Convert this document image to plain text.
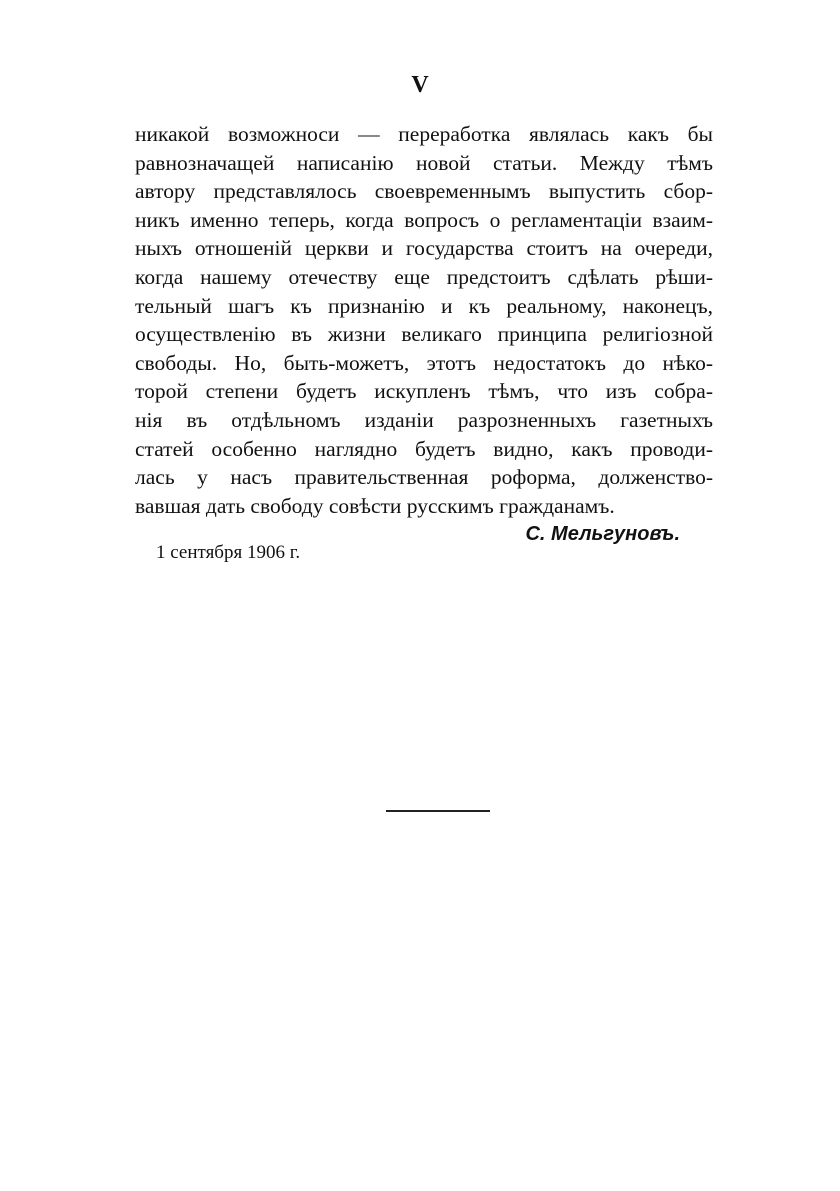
V
никакой возможноси — переработка являлась какъ бы
равнозначащей написанію новой статьи. Между тѣмъ
автору представлялось своевременнымъ выпустить сбор-
никъ именно теперь, когда вопросъ о регламентаціи взаим-
ныхъ отношеній церкви и государства стоитъ на очереди,
когда нашему отечеству еще предстоитъ сдѣлать рѣши-
тельный шагъ къ признанію и къ реальному, наконецъ,
осуществленію въ жизни великаго принципа религіозной
свободы. Но, быть-можетъ, этотъ недостатокъ до нѣко-
торой степени будетъ искупленъ тѣмъ, что изъ собра-
нія въ отдѣльномъ изданіи разрозненныхъ газетныхъ
статей особенно наглядно будетъ видно, какъ проводи-
лась у насъ правительственная роформа, долженство-
вавшая дать свободу совѣсти русскимъ гражданамъ.
С. Мельгуновъ.
1 сентября 1906 г.
